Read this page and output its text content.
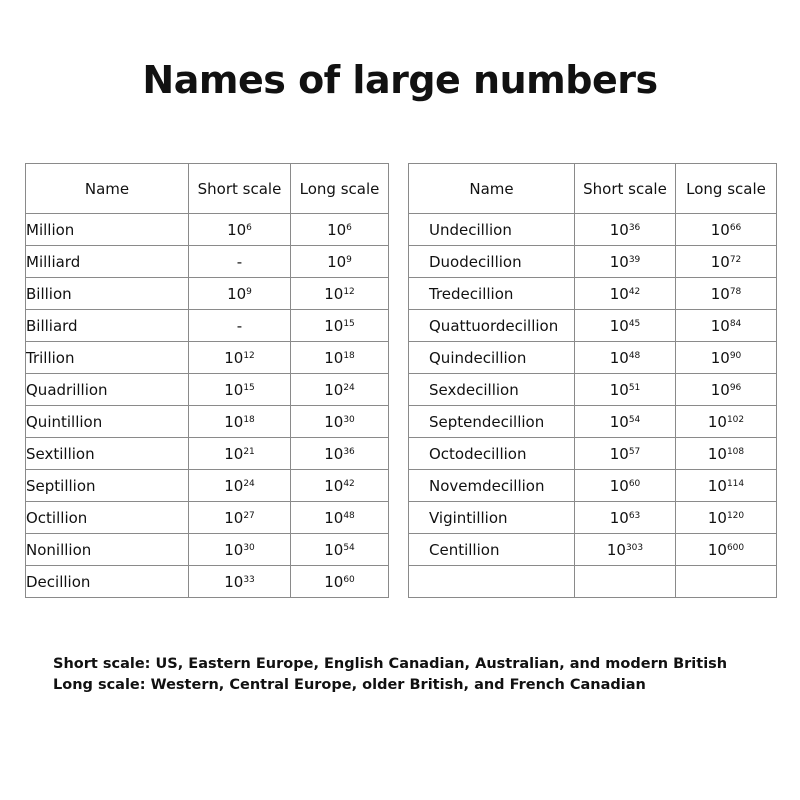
Names of large numbers
Name	Short scale	Long scale
Million	$10^6$	$10^6$
Milliard	-	$10^9$
Billion	$10^9$	$10^{12}$
Billiard	-	$10^{15}$
Trillion	$10^{12}$	$10^{18}$
Quadrillion	$10^{15}$	$10^{24}$
Quintillion	$10^{18}$	$10^{30}$
Sextillion	$10^{21}$	$10^{36}$
Septillion	$10^{24}$	$10^{42}$
Octillion	$10^{27}$	$10^{48}$
Nonillion	$10^{30}$	$10^{54}$
Decillion	$10^{33}$	$10^{60}$
Name	Short scale	Long scale
Undecillion	$10^{36}$	$10^{66}$
Duodecillion	$10^{39}$	$10^{72}$
Tredecillion	$10^{42}$	$10^{78}$
Quattuordecillion	$10^{45}$	$10^{84}$
Quindecillion	$10^{48}$	$10^{90}$
Sexdecillion	$10^{51}$	$10^{96}$
Septendecillion	$10^{54}$	$10^{102}$
Octodecillion	$10^{57}$	$10^{108}$
Novemdecillion	$10^{60}$	$10^{114}$
Vigintillion	$10^{63}$	$10^{120}$
Centillion	$10^{303}$	$10^{600}$

Short scale: US, Eastern Europe, English Canadian, Australian, and modern British
Long scale: Western, Central Europe, older British, and French Canadian
